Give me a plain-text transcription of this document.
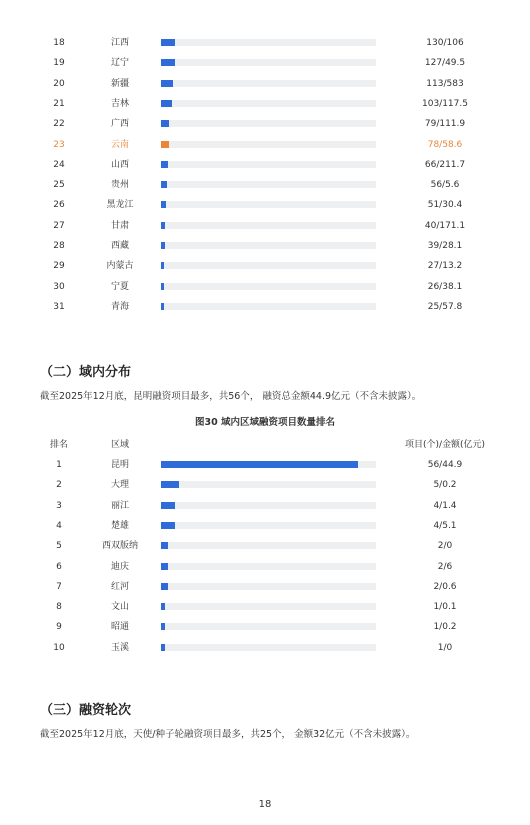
18	江西	130/106
19	辽宁	127/49.5
20	新疆	113/583
21	吉林	103/117.5
22	广西	79/111.9
23	云南	78/58.6
24	山西	66/211.7
25	贵州	56/5.6
26	黑龙江	51/30.4
27	甘肃	40/171.1
28	西藏	39/28.1
29	内蒙古	27/13.2
30	宁夏	26/38.1
31	青海	25/57.8
（二）域内分布
截至2025年12月底，昆明融资项目最多，共56个， 融资总金额44.9亿元（不含未披露）。
图30 域内区域融资项目数量排名
排名	区域	项目(个)/金额(亿元)
1	昆明	56/44.9
2	大理	5/0.2
3	丽江	4/1.4
4	楚雄	4/5.1
5	西双版纳	2/0
6	迪庆	2/6
7	红河	2/0.6
8	文山	1/0.1
9	昭通	1/0.2
10	玉溪	1/0
（三）融资轮次
截至2025年12月底，天使/种子轮融资项目最多，共25个， 金额32亿元（不含未披露）。
18
